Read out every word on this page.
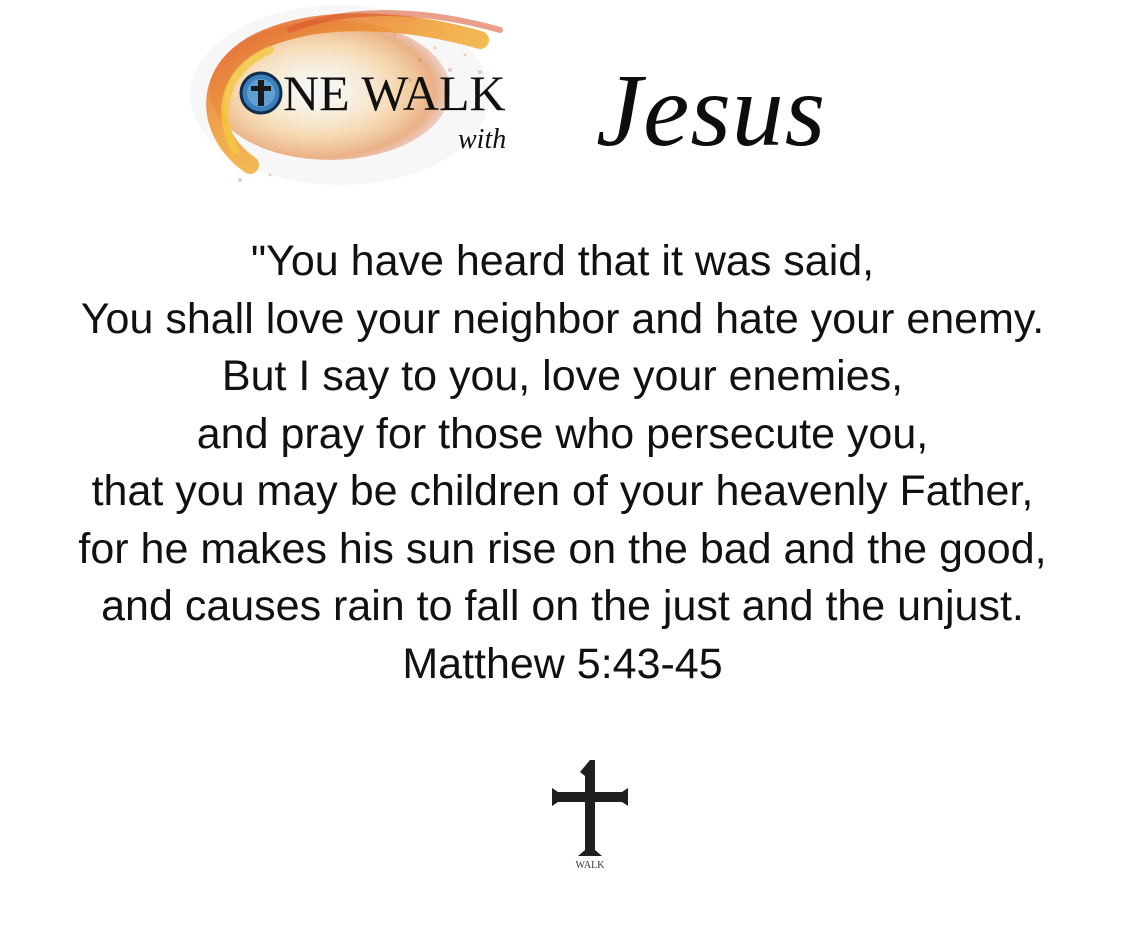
NE WALK
with Jesus
"You have heard that it was said,
You shall love your neighbor and hate your enemy.
But I say to you, love your enemies,
and pray for those who persecute you,
that you may be children of your heavenly Father,
for he makes his sun rise on the bad and the good,
and causes rain to fall on the just and the unjust.
Matthew 5:43-45
WALK
